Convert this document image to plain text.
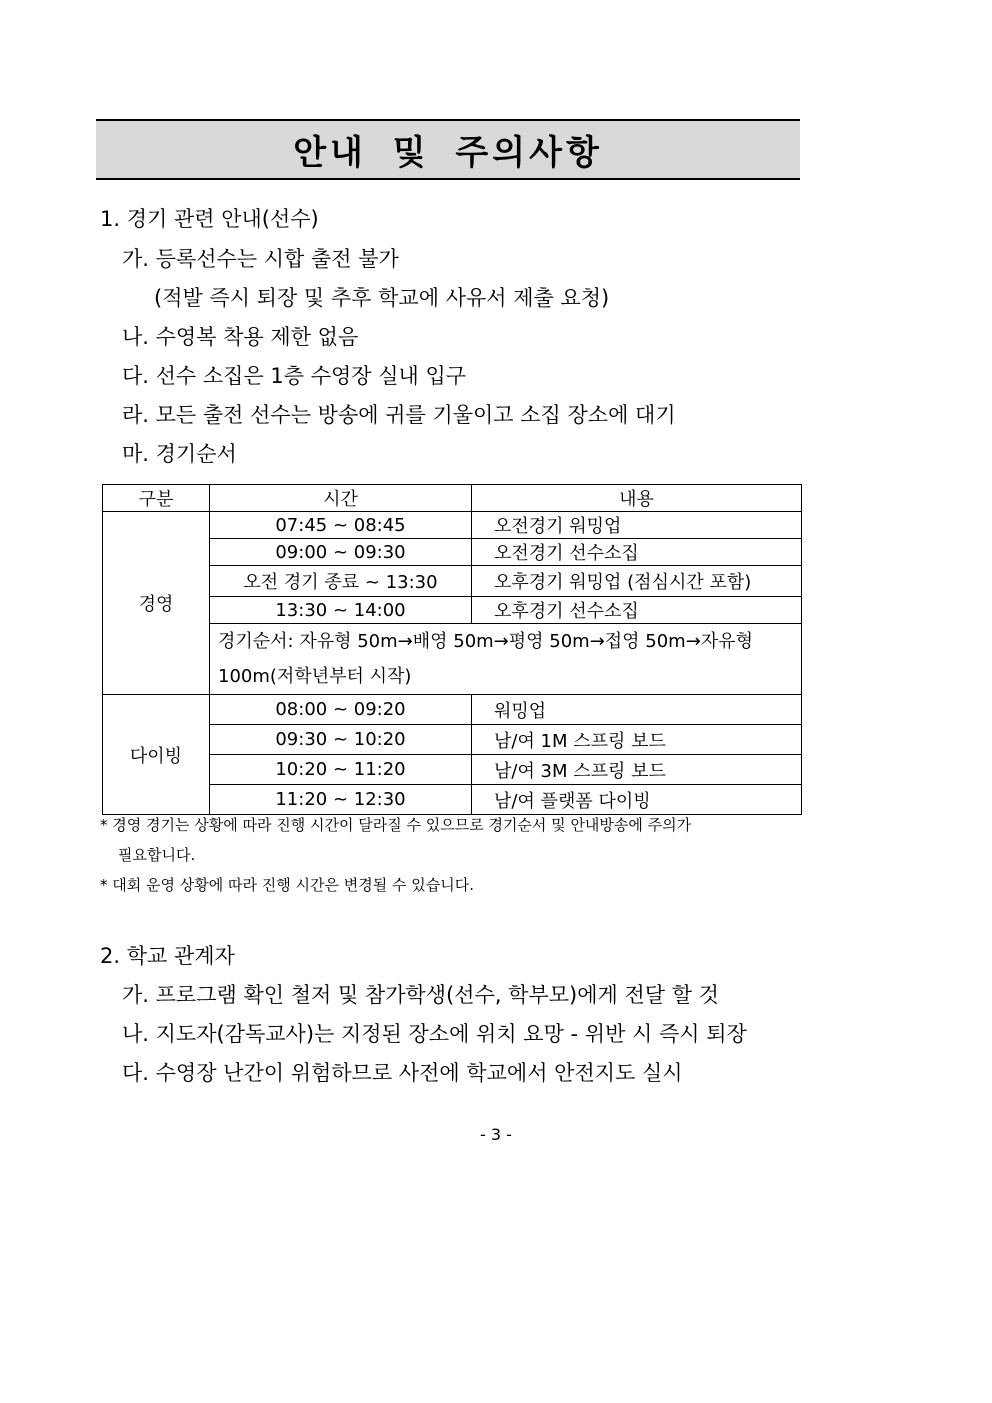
안내 및 주의사항
1. 경기 관련 안내(선수)
가. 등록선수는 시합 출전 불가
(적발 즉시 퇴장 및 추후 학교에 사유서 제출 요청)
나. 수영복 착용 제한 없음
다. 선수 소집은 1층 수영장 실내 입구
라. 모든 출전 선수는 방송에 귀를 기울이고 소집 장소에 대기
마. 경기순서
구분	시간	내용
경영	07:45 ~ 08:45	오전경기 워밍업
	09:00 ~ 09:30	오전경기 선수소집
	오전 경기 종료 ~ 13:30	오후경기 워밍업 (점심시간 포함)
	13:30 ~ 14:00	오후경기 선수소집
	경기순서: 자유형 50m→배영 50m→평영 50m→접영 50m→자유형 100m(저학년부터 시작)	
다이빙	08:00 ~ 09:20	워밍업
	09:30 ~ 10:20	남/여 1M 스프링 보드
	10:20 ~ 11:20	남/여 3M 스프링 보드
	11:20 ~ 12:30	남/여 플랫폼 다이빙
* 경영 경기는 상황에 따라 진행 시간이 달라질 수 있으므로 경기순서 및 안내방송에 주의가
필요합니다.
* 대회 운영 상황에 따라 진행 시간은 변경될 수 있습니다.
2. 학교 관계자
가. 프로그램 확인 철저 및 참가학생(선수, 학부모)에게 전달 할 것
나. 지도자(감독교사)는 지정된 장소에 위치 요망 - 위반 시 즉시 퇴장
다. 수영장 난간이 위험하므로 사전에 학교에서 안전지도 실시
- 3 -
